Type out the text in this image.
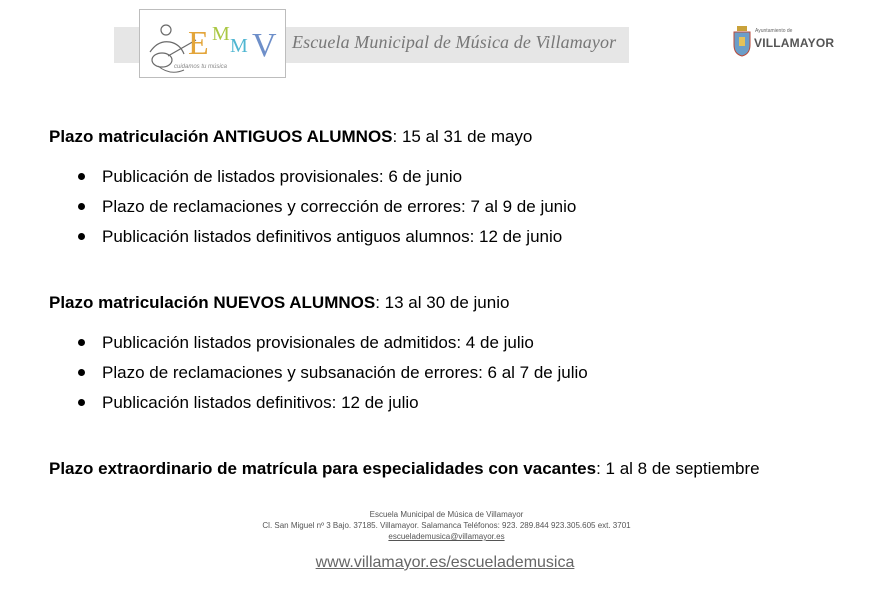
E M
M V
cuidamos tu música
Escuela Municipal de Música de Villamayor
Ayuntamiento de
VILLAMAYOR
Plazo matriculación ANTIGUOS ALUMNOS: 15 al 31 de mayo
Publicación de listados provisionales: 6 de junio
Plazo de reclamaciones y corrección de errores: 7 al 9 de junio
Publicación listados definitivos antiguos alumnos: 12 de junio
Plazo matriculación NUEVOS ALUMNOS: 13 al 30 de junio
Publicación listados provisionales de admitidos: 4 de julio
Plazo de reclamaciones y subsanación de errores: 6 al 7 de julio
Publicación listados definitivos: 12 de julio
Plazo extraordinario de matrícula para especialidades con vacantes: 1 al 8 de septiembre
Escuela Municipal de Música de Villamayor
Cl. San Miguel nº 3 Bajo. 37185. Villamayor. Salamanca Teléfonos: 923. 289.844 923.305.605 ext. 3701
escuelademusica@villamayor.es
www.villamayor.es/escuelademusica
